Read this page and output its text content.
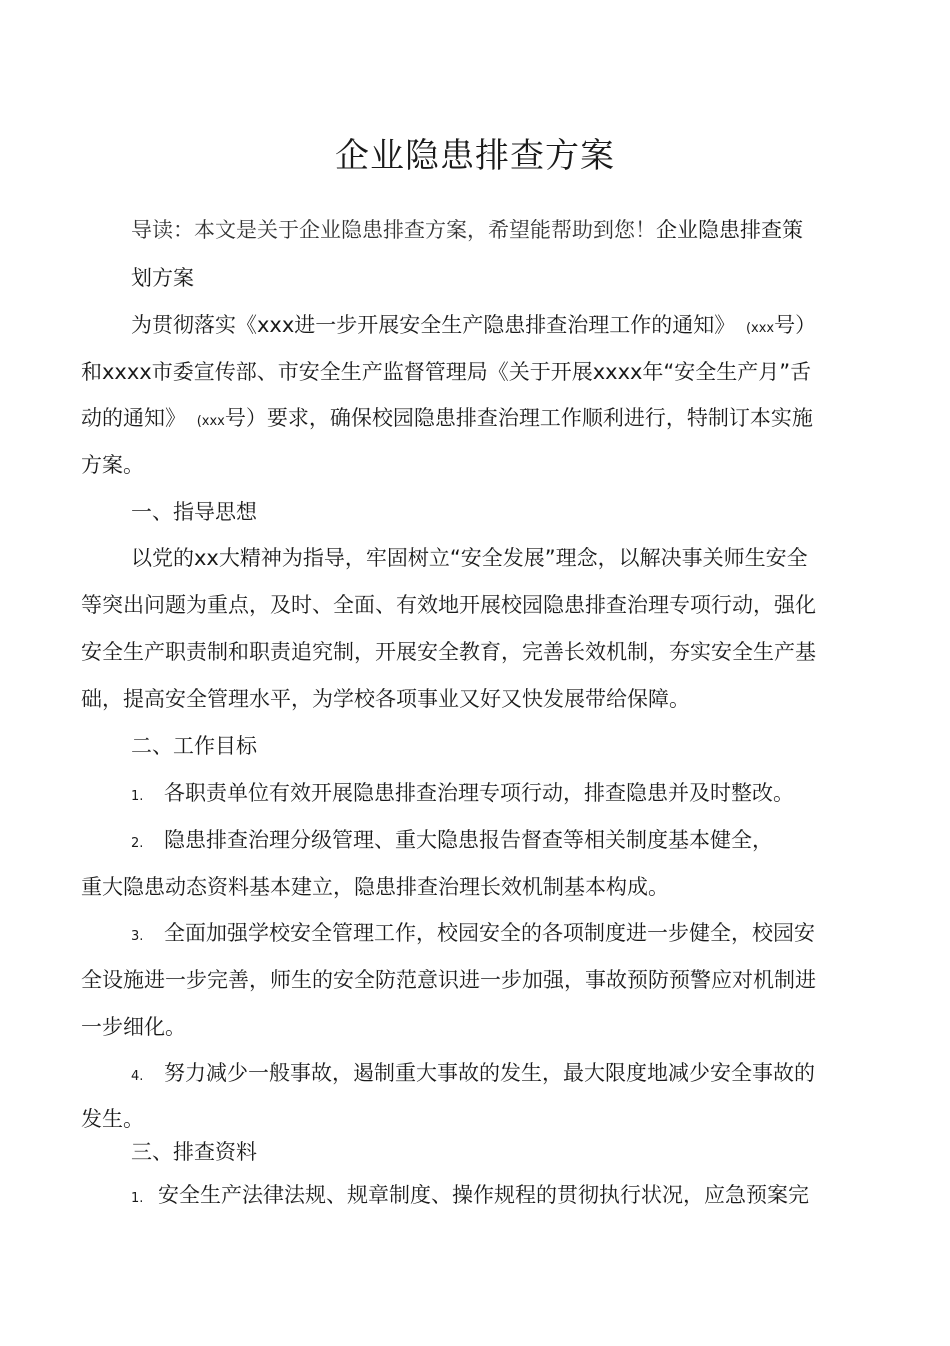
企业隐患排查方案
导读：本文是关于企业隐患排查方案，希望能帮助到您！企业隐患排查策
划方案
为贯彻落实《xxx进一步开展安全生产隐患排查治理工作的通知》 (xxx号）
和xxxx市委宣传部、市安全生产监督管理局《关于开展xxxx年“安全生产月”舌
动的通知》 (xxx号）要求，确保校园隐患排查治理工作顺利进行，特制订本实施
方案。
一、指导思想
以党的xx大精神为指导，牢固树立“安全发展”理念，以解决事关师生安全
等突出问题为重点，及时、全面、有效地开展校园隐患排查治理专项行动，强化
安全生产职责制和职责追究制，开展安全教育，完善长效机制，夯实安全生产基
础，提高安全管理水平，为学校各项事业又好又快发展带给保障。
二、工作目标
1. 各职责单位有效开展隐患排查治理专项行动，排查隐患并及时整改。
2. 隐患排查治理分级管理、重大隐患报告督查等相关制度基本健全，
重大隐患动态资料基本建立，隐患排查治理长效机制基本构成。
3. 全面加强学校安全管理工作，校园安全的各项制度进一步健全，校园安
全设施进一步完善，师生的安全防范意识进一步加强，事故预防预警应对机制进
一步细化。
4. 努力减少一般事故，遏制重大事故的发生，最大限度地减少安全事故的
发生。
三、排查资料
1. 安全生产法律法规、规章制度、操作规程的贯彻执行状况，应急预案完
